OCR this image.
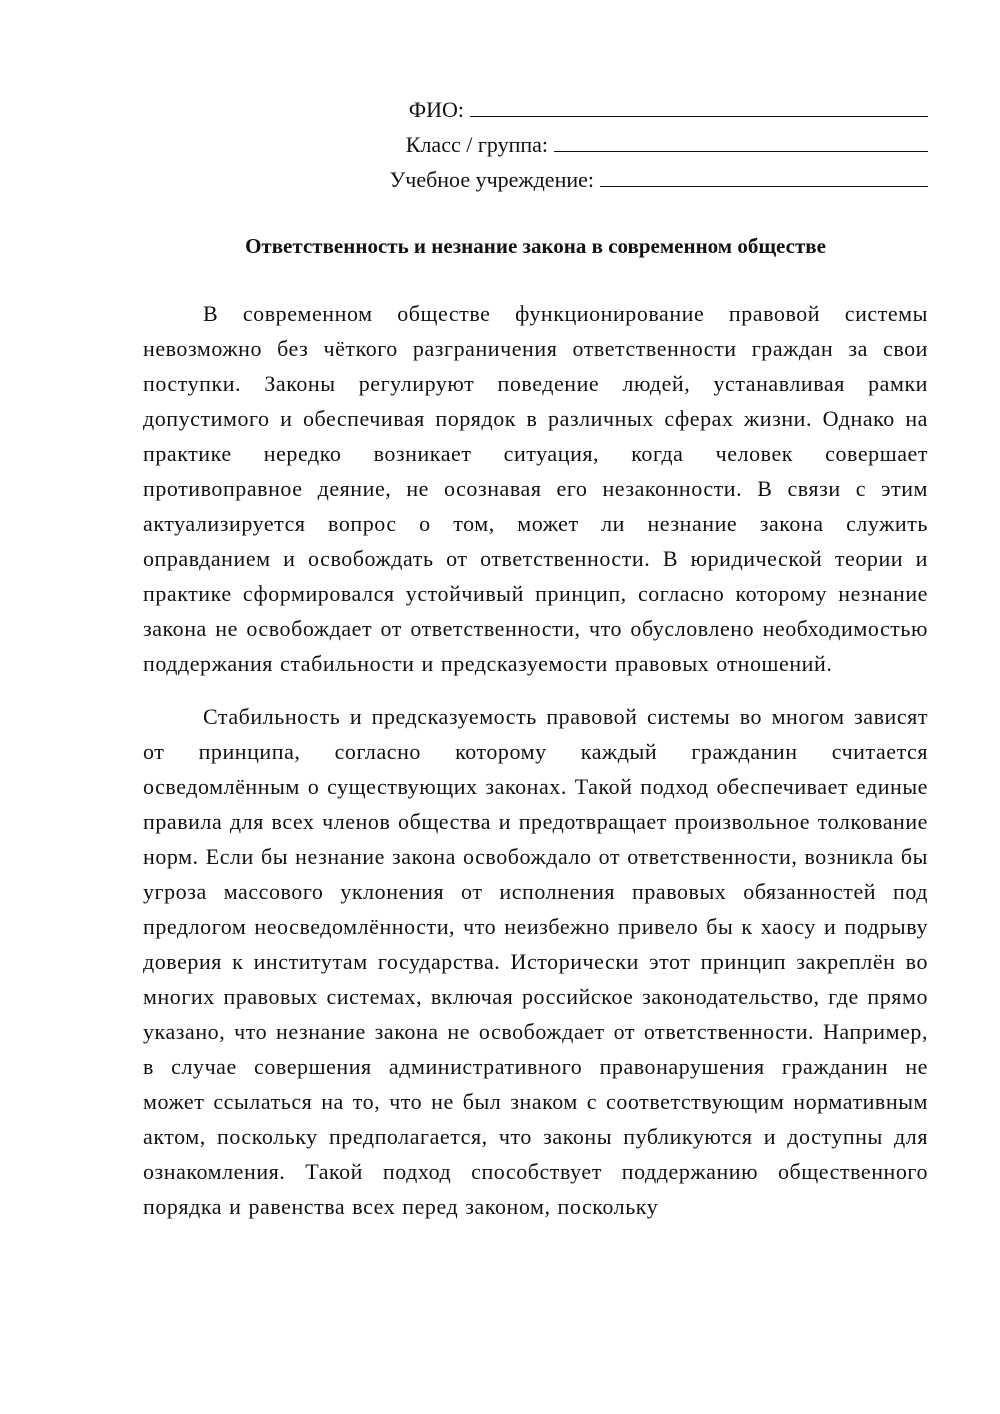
ФИО:
Класс / группа:
Учебное учреждение:
Ответственность и незнание закона в современном обществе

В современном обществе функционирование правовой системы невозможно без чёткого разграничения ответственности граждан за свои поступки. Законы регулируют поведение людей, устанавливая рамки допустимого и обеспечивая порядок в различных сферах жизни. Однако на практике нередко возникает ситуация, когда человек совершает противоправное деяние, не осознавая его незаконности. В связи с этим актуализируется вопрос о том, может ли незнание закона служить оправданием и освобождать от ответственности. В юридической теории и практике сформировался устойчивый принцип, согласно которому незнание закона не освобождает от ответственности, что обусловлено необходимостью поддержания стабильности и предсказуемости правовых отношений.

Стабильность и предсказуемость правовой системы во многом зависят от принципа, согласно которому каждый гражданин считается осведомлённым о существующих законах. Такой подход обеспечивает единые правила для всех членов общества и предотвращает произвольное толкование норм. Если бы незнание закона освобождало от ответственности, возникла бы угроза массового уклонения от исполнения правовых обязанностей под предлогом неосведомлённости, что неизбежно привело бы к хаосу и подрыву доверия к институтам государства. Исторически этот принцип закреплён во многих правовых системах, включая российское законодательство, где прямо указано, что незнание закона не освобождает от ответственности. Например, в случае совершения административного правонарушения гражданин не может ссылаться на то, что не был знаком с соответствующим нормативным актом, поскольку предполагается, что законы публикуются и доступны для ознакомления. Такой подход способствует поддержанию общественного порядка и равенства всех перед законом, поскольку
